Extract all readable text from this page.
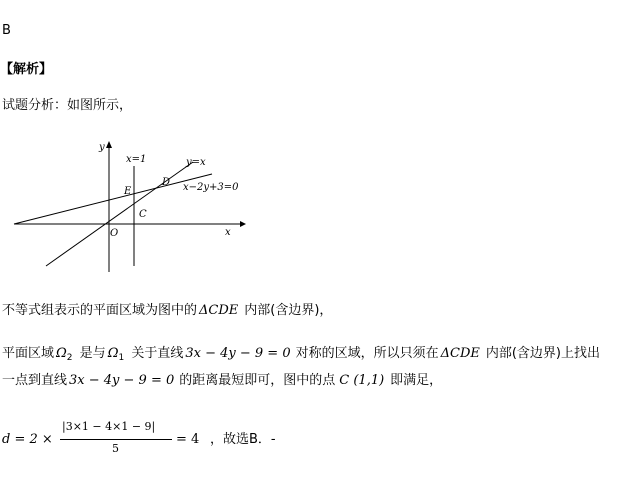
B
【解析】
试题分析：如图所示，
y
x
x=1	y=x
x−2y+3=0
E
D
C
O
不等式组表示的平面区域为图中的 ΔCDE 内部(含边界)，
平面区域 $\Omega_2$ 是与 $\Omega_1$ 关于直线 3x − 4y − 9 = 0 对称的区域，所以只须在 ΔCDE 内部(含边界)上找出
一点到直线 3x − 4y − 9 = 0 的距离最短即可，图中的点 C (1,1) 即满足，
d = 2 ×
|3×1 − 4×1 − 9|
5
= 4 ，故选B．-
